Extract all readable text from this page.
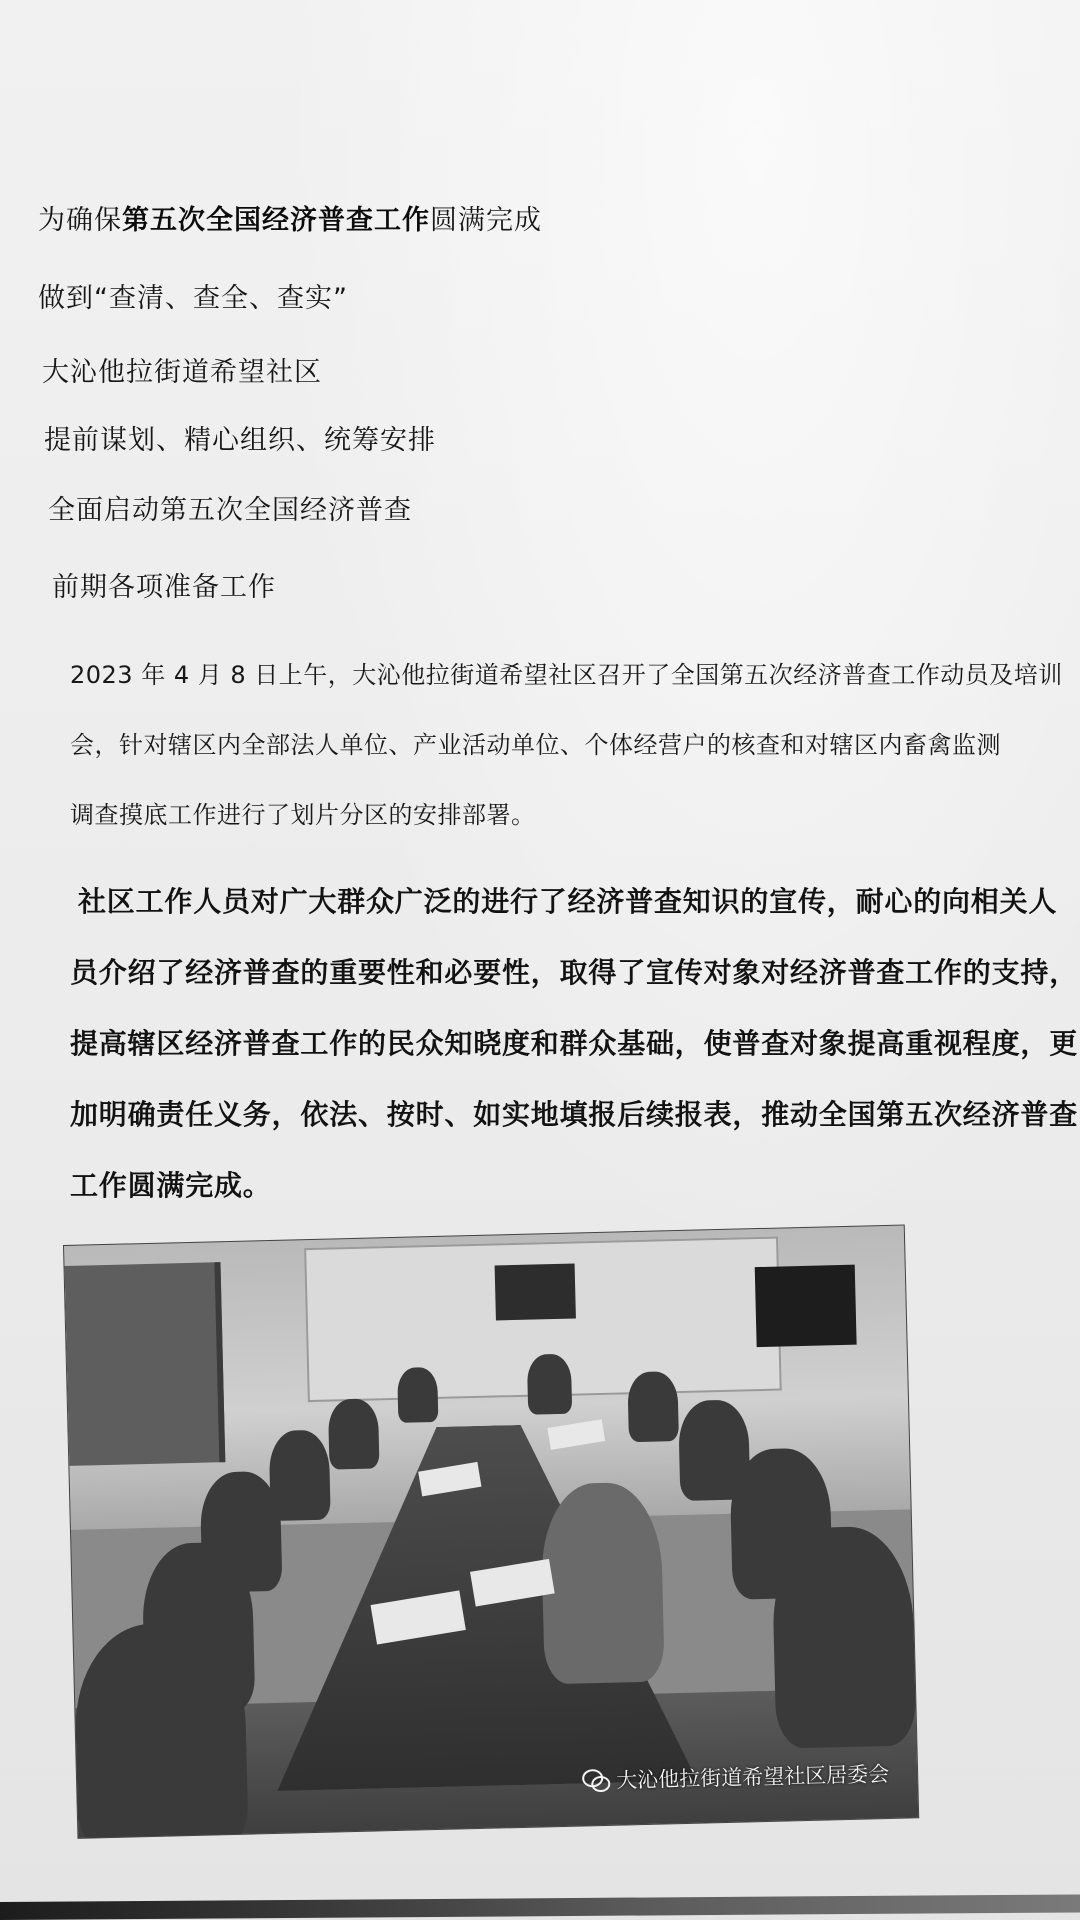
为确保第五次全国经济普查工作圆满完成
做到“查清、查全、查实”
大沁他拉街道希望社区
提前谋划、精心组织、统筹安排
全面启动第五次全国经济普查
前期各项准备工作

2023 年 4 月 8 日上午，大沁他拉街道希望社区召开了全国第五次经济普查工作动员及培训

会，针对辖区内全部法人单位、产业活动单位、个体经营户的核查和对辖区内畜禽监测

调查摸底工作进行了划片分区的安排部署。

社区工作人员对广大群众广泛的进行了经济普查知识的宣传，耐心的向相关人

员介绍了经济普查的重要性和必要性，取得了宣传对象对经济普查工作的支持，

提高辖区经济普查工作的民众知晓度和群众基础，使普查对象提高重视程度，更

加明确责任义务，依法、按时、如实地填报后续报表，推动全国第五次经济普查

工作圆满完成。

大沁他拉街道希望社区居委会
